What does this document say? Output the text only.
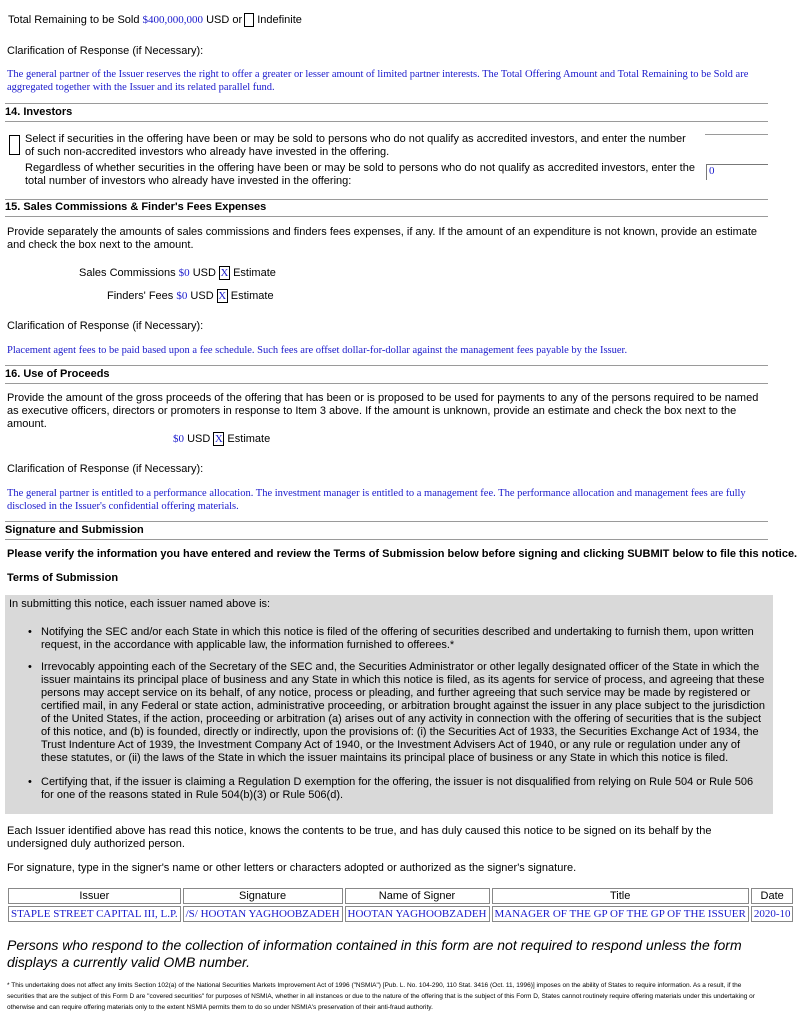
Total Remaining to be Sold $400,000,000 USD or Indefinite
Clarification of Response (if Necessary):
The general partner of the Issuer reserves the right to offer a greater or lesser amount of limited partner interests. The Total Offering Amount and Total Remaining to be Sold are aggregated together with the Issuer and its related parallel fund.
14. Investors
Select if securities in the offering have been or may be sold to persons who do not qualify as accredited investors, and enter the number of such non-accredited investors who already have invested in the offering.
Regardless of whether securities in the offering have been or may be sold to persons who do not qualify as accredited investors, enter the total number of investors who already have invested in the offering:
0
15. Sales Commissions & Finder's Fees Expenses
Provide separately the amounts of sales commissions and finders fees expenses, if any. If the amount of an expenditure is not known, provide an estimate and check the box next to the amount.
Sales Commissions $0 USD X Estimate
Finders' Fees $0 USD X Estimate
Clarification of Response (if Necessary):
Placement agent fees to be paid based upon a fee schedule. Such fees are offset dollar-for-dollar against the management fees payable by the Issuer.
16. Use of Proceeds
Provide the amount of the gross proceeds of the offering that has been or is proposed to be used for payments to any of the persons required to be named as executive officers, directors or promoters in response to Item 3 above. If the amount is unknown, provide an estimate and check the box next to the amount.
$0 USD X Estimate
Clarification of Response (if Necessary):
The general partner is entitled to a performance allocation. The investment manager is entitled to a management fee. The performance allocation and management fees are fully disclosed in the Issuer's confidential offering materials.
Signature and Submission
Please verify the information you have entered and review the Terms of Submission below before signing and clicking SUBMIT below to file this notice.
Terms of Submission
In submitting this notice, each issuer named above is:
• Notifying the SEC and/or each State in which this notice is filed of the offering of securities described and undertaking to furnish them, upon written request, in the accordance with applicable law, the information furnished to offerees.*
• Irrevocably appointing each of the Secretary of the SEC and, the Securities Administrator or other legally designated officer of the State in which the issuer maintains its principal place of business and any State in which this notice is filed, as its agents for service of process, and agreeing that these persons may accept service on its behalf, of any notice, process or pleading, and further agreeing that such service may be made by registered or certified mail, in any Federal or state action, administrative proceeding, or arbitration brought against the issuer in any place subject to the jurisdiction of the United States, if the action, proceeding or arbitration (a) arises out of any activity in connection with the offering of securities that is the subject of this notice, and (b) is founded, directly or indirectly, upon the provisions of: (i) the Securities Act of 1933, the Securities Exchange Act of 1934, the Trust Indenture Act of 1939, the Investment Company Act of 1940, or the Investment Advisers Act of 1940, or any rule or regulation under any of these statutes, or (ii) the laws of the State in which the issuer maintains its principal place of business or any State in which this notice is filed.
• Certifying that, if the issuer is claiming a Regulation D exemption for the offering, the issuer is not disqualified from relying on Rule 504 or Rule 506 for one of the reasons stated in Rule 504(b)(3) or Rule 506(d).
Each Issuer identified above has read this notice, knows the contents to be true, and has duly caused this notice to be signed on its behalf by the undersigned duly authorized person.
For signature, type in the signer's name or other letters or characters adopted or authorized as the signer's signature.
Issuer	Signature	Name of Signer	Title	Date
STAPLE STREET CAPITAL III, L.P.	/S/ HOOTAN YAGHOOBZADEH	HOOTAN YAGHOOBZADEH	MANAGER OF THE GP OF THE GP OF THE ISSUER	2020-10
Persons who respond to the collection of information contained in this form are not required to respond unless the form displays a currently valid OMB number.
* This undertaking does not affect any limits Section 102(a) of the National Securities Markets Improvement Act of 1996 ("NSMIA") [Pub. L. No. 104-290, 110 Stat. 3416 (Oct. 11, 1996)] imposes on the ability of States to require information. As a result, if the securities that are the subject of this Form D are "covered securities" for purposes of NSMIA, whether in all instances or due to the nature of the offering that is the subject of this Form D, States cannot routinely require offering materials under this undertaking or otherwise and can require offering materials only to the extent NSMIA permits them to do so under NSMIA's preservation of their anti-fraud authority.
